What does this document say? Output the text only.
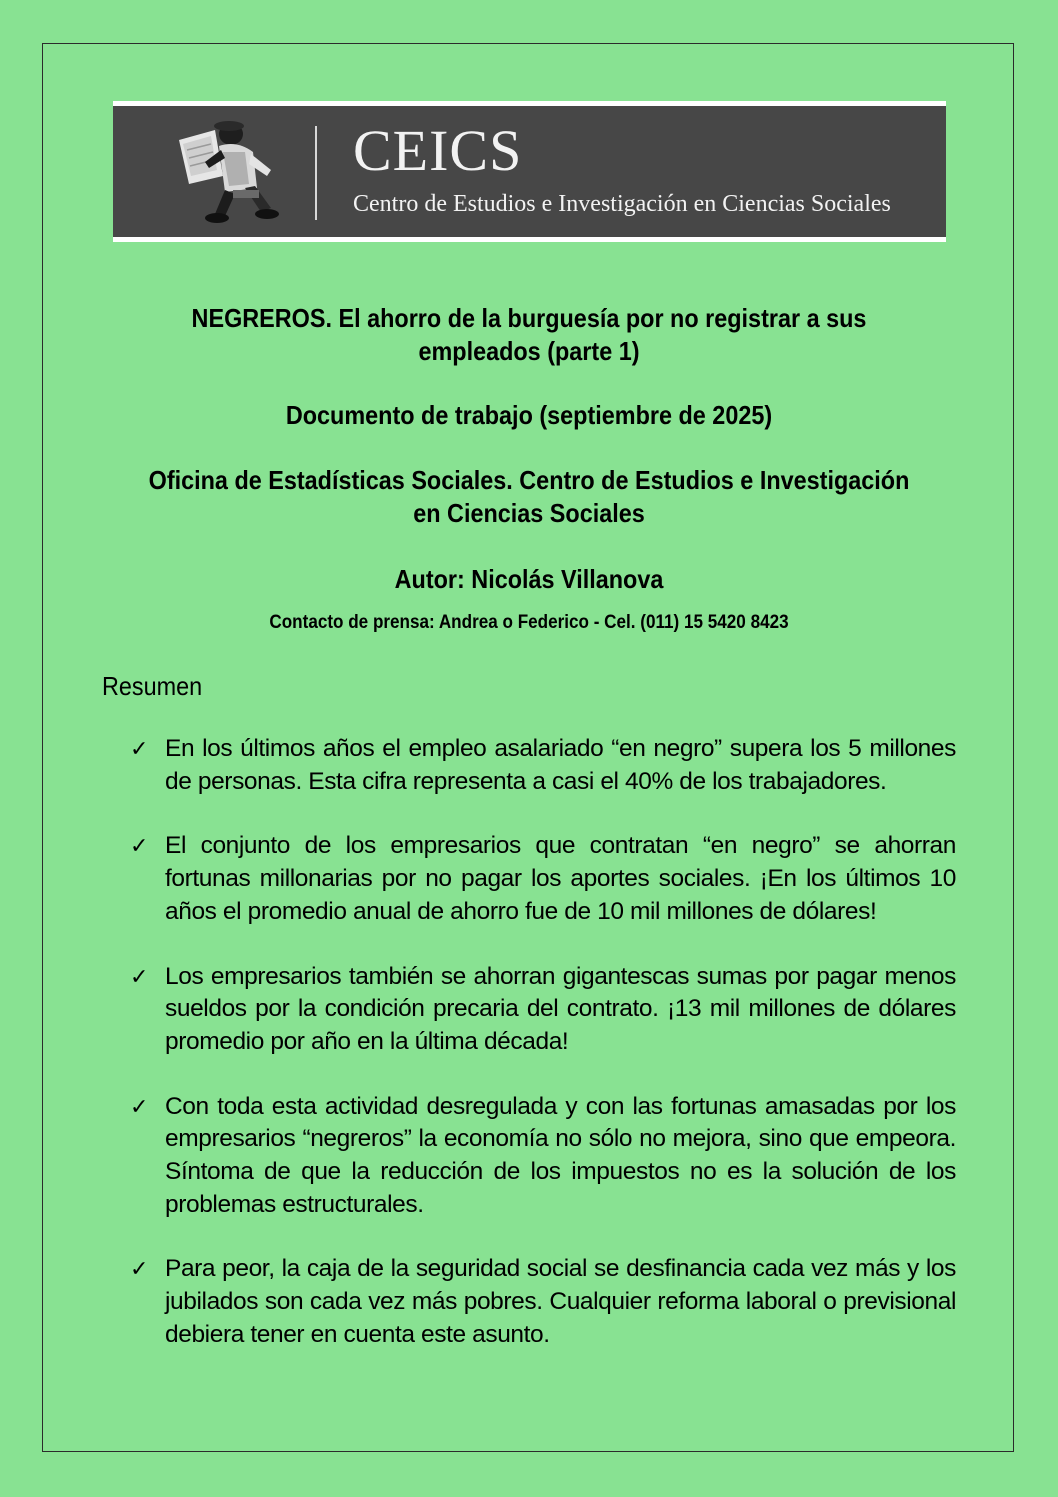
CEICS
Centro de Estudios e Investigación en Ciencias Sociales
NEGREROS. El ahorro de la burguesía por no registrar a sus empleados (parte 1)
Documento de trabajo (septiembre de 2025)
Oficina de Estadísticas Sociales. Centro de Estudios e Investigación en Ciencias Sociales
Autor: Nicolás Villanova
Contacto de prensa: Andrea o Federico - Cel. (011) 15 5420 8423
Resumen
✓ En los últimos años el empleo asalariado “en negro” supera los 5 millones de personas. Esta cifra representa a casi el 40% de los trabajadores.
✓ El conjunto de los empresarios que contratan “en negro” se ahorran fortunas millonarias por no pagar los aportes sociales. ¡En los últimos 10 años el promedio anual de ahorro fue de 10 mil millones de dólares!
✓ Los empresarios también se ahorran gigantescas sumas por pagar menos sueldos por la condición precaria del contrato. ¡13 mil millones de dólares promedio por año en la última década!
✓ Con toda esta actividad desregulada y con las fortunas amasadas por los empresarios “negreros” la economía no sólo no mejora, sino que empeora. Síntoma de que la reducción de los impuestos no es la solución de los problemas estructurales.
✓ Para peor, la caja de la seguridad social se desfinancia cada vez más y los jubilados son cada vez más pobres. Cualquier reforma laboral o previsional debiera tener en cuenta este asunto.
